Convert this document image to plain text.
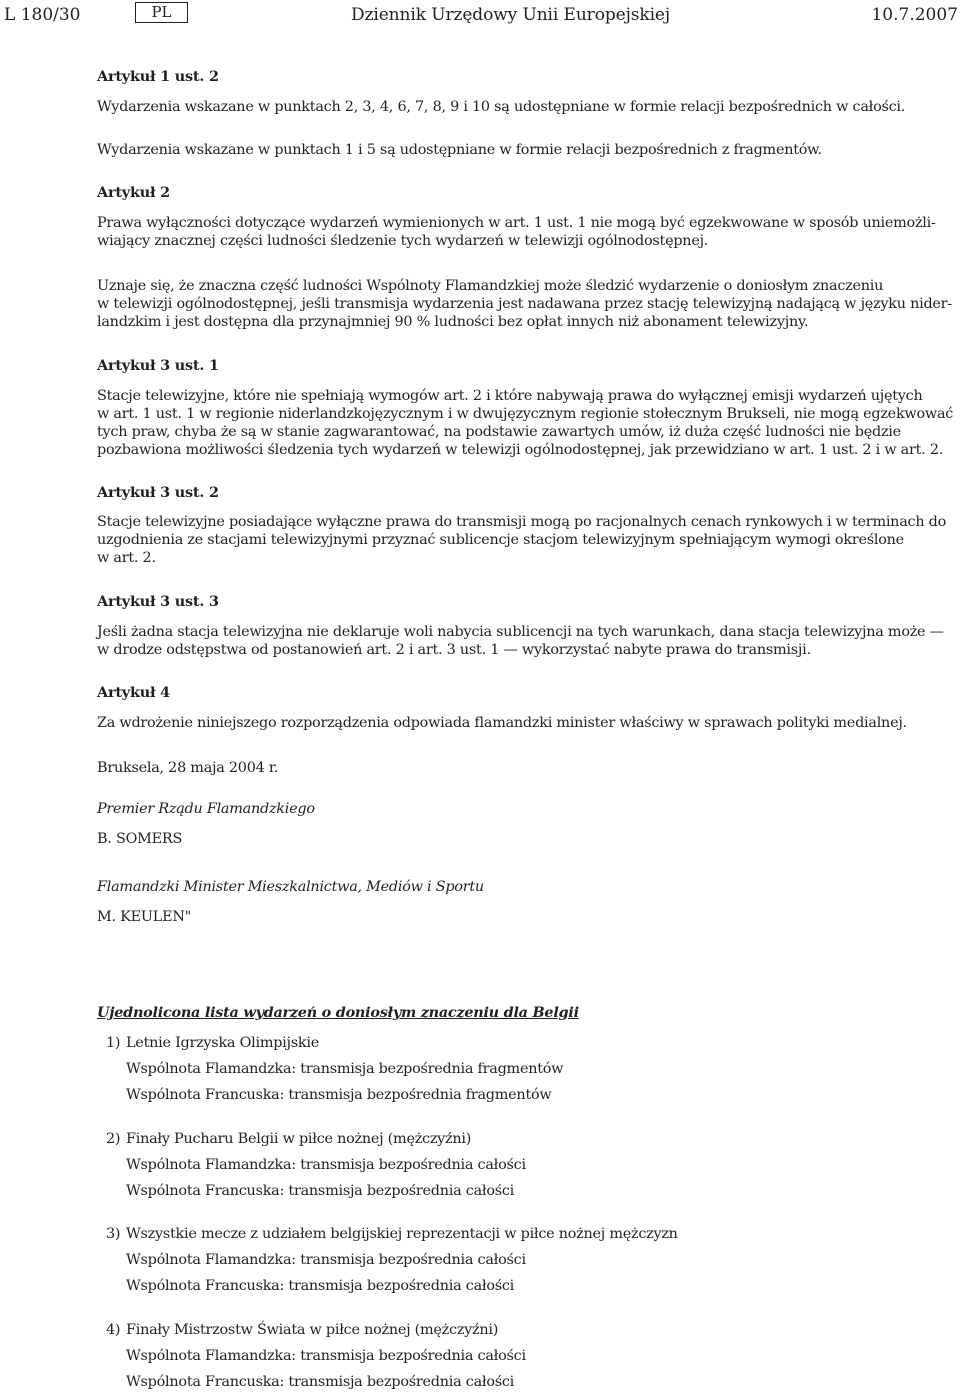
L 180/30	PL	Dziennik Urzędowy Unii Europejskiej	10.7.2007
Artykuł 1 ust. 2
Wydarzenia wskazane w punktach 2, 3, 4, 6, 7, 8, 9 i 10 są udostępniane w formie relacji bezpośrednich w całości.
Wydarzenia wskazane w punktach 1 i 5 są udostępniane w formie relacji bezpośrednich z fragmentów.
Artykuł 2
Prawa wyłączności dotyczące wydarzeń wymienionych w art. 1 ust. 1 nie mogą być egzekwowane w sposób uniemożli-
wiający znacznej części ludności śledzenie tych wydarzeń w telewizji ogólnodostępnej.
Uznaje się, że znaczna część ludności Wspólnoty Flamandzkiej może śledzić wydarzenie o doniosłym znaczeniu
w telewizji ogólnodostępnej, jeśli transmisja wydarzenia jest nadawana przez stację telewizyjną nadającą w języku nider-
landzkim i jest dostępna dla przynajmniej 90 % ludności bez opłat innych niż abonament telewizyjny.
Artykuł 3 ust. 1
Stacje telewizyjne, które nie spełniają wymogów art. 2 i które nabywają prawa do wyłącznej emisji wydarzeń ujętych
w art. 1 ust. 1 w regionie niderlandzkojęzycznym i w dwujęzycznym regionie stołecznym Brukseli, nie mogą egzekwować
tych praw, chyba że są w stanie zagwarantować, na podstawie zawartych umów, iż duża część ludności nie będzie
pozbawiona możliwości śledzenia tych wydarzeń w telewizji ogólnodostępnej, jak przewidziano w art. 1 ust. 2 i w art. 2.
Artykuł 3 ust. 2
Stacje telewizyjne posiadające wyłączne prawa do transmisji mogą po racjonalnych cenach rynkowych i w terminach do
uzgodnienia ze stacjami telewizyjnymi przyznać sublicencje stacjom telewizyjnym spełniającym wymogi określone
w art. 2.
Artykuł 3 ust. 3
Jeśli żadna stacja telewizyjna nie deklaruje woli nabycia sublicencji na tych warunkach, dana stacja telewizyjna może —
w drodze odstępstwa od postanowień art. 2 i art. 3 ust. 1 — wykorzystać nabyte prawa do transmisji.
Artykuł 4
Za wdrożenie niniejszego rozporządzenia odpowiada flamandzki minister właściwy w sprawach polityki medialnej.
Bruksela, 28 maja 2004 r.
Premier Rządu Flamandzkiego
B. SOMERS
Flamandzki Minister Mieszkalnictwa, Mediów i Sportu
M. KEULEN"
Ujednolicona lista wydarzeń o doniosłym znaczeniu dla Belgii
1) Letnie Igrzyska Olimpijskie
Wspólnota Flamandzka: transmisja bezpośrednia fragmentów
Wspólnota Francuska: transmisja bezpośrednia fragmentów
2) Finały Pucharu Belgii w piłce nożnej (mężczyźni)
Wspólnota Flamandzka: transmisja bezpośrednia całości
Wspólnota Francuska: transmisja bezpośrednia całości
3) Wszystkie mecze z udziałem belgijskiej reprezentacji w piłce nożnej mężczyzn
Wspólnota Flamandzka: transmisja bezpośrednia całości
Wspólnota Francuska: transmisja bezpośrednia całości
4) Finały Mistrzostw Świata w piłce nożnej (mężczyźni)
Wspólnota Flamandzka: transmisja bezpośrednia całości
Wspólnota Francuska: transmisja bezpośrednia całości
